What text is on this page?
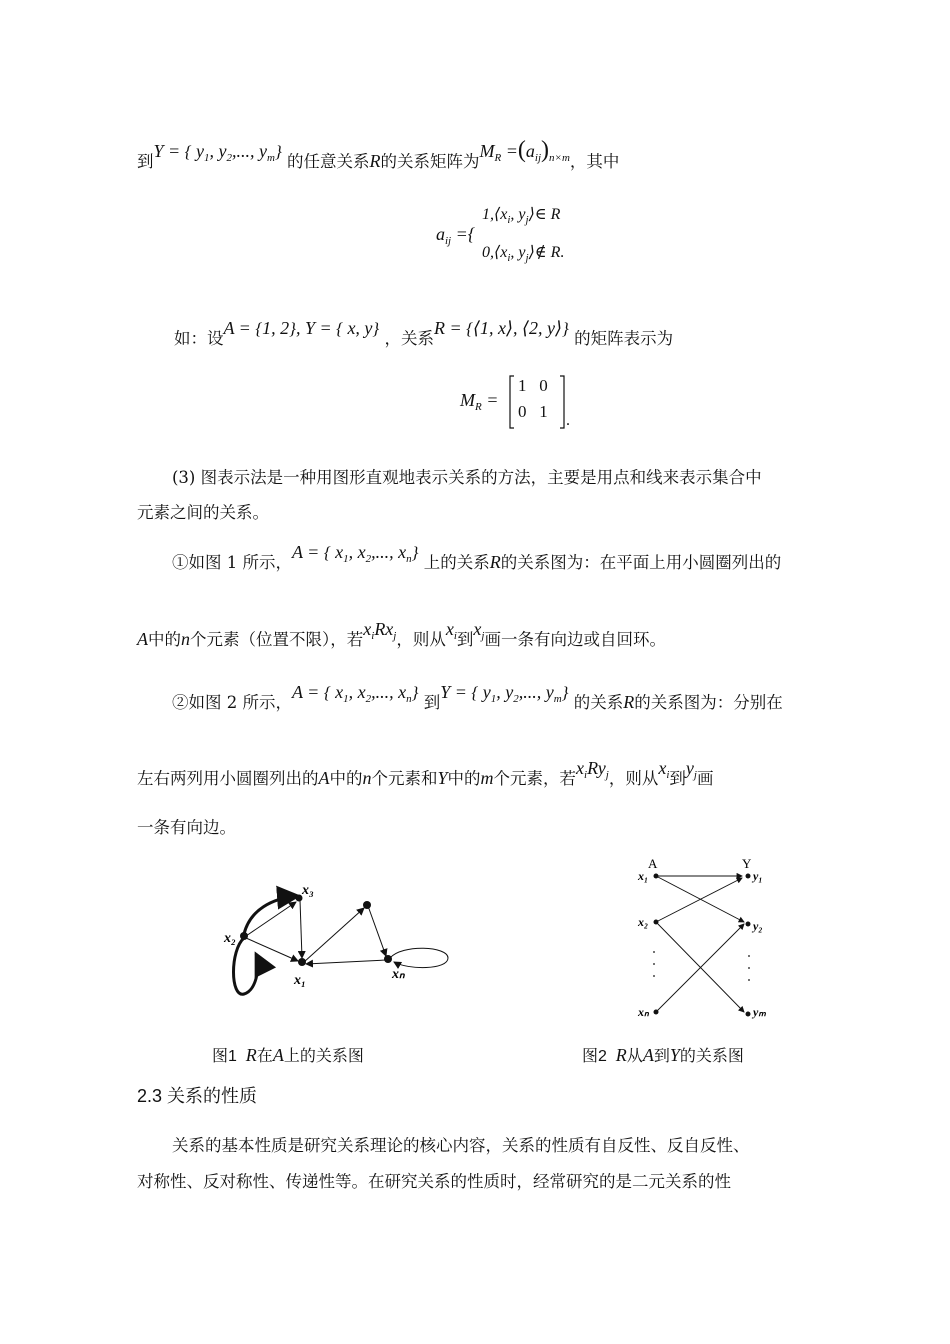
到Y = { $y_1$, $y_2$,..., $y_m$} 的任意关系R的关系矩阵为$M_R =(a_{ij})_{n\times m}$，其中
$a_{ij}$ ={
$1,⟨x_i$, $y_j⟩\in$ R
$0,⟨x_i$, $y_j⟩\notin$ R.
如：设A = {1, 2}, Y = { x, y} ，关系R = {⟨1, x⟩, ⟨2, y⟩} 的矩阵表示为
$M_R$ =
1   0
0   1 .
(3) 图表示法是一种用图形直观地表示关系的方法，主要是用点和线来表示集合中
元素之间的关系。
①如图 1 所示，A = { $x_1$, $x_2$,..., $x_n$} 上的关系R的关系图为：在平面上用小圆圈列出的
A中的n个元素（位置不限），若$x_iRx_j$，则从$x_i$到$x_j$画一条有向边或自回环。
②如图 2 所示，A = { $x_1$, $x_2$,..., $x_n$} 到Y = { $y_1$, $y_2$,..., $y_m$} 的关系R的关系图为：分别在
左右两列用小圆圈列出的A中的n个元素和Y中的m个元素，若$x_iRy_j$，则从$x_i$到$y_j$画
一条有向边。
x₃
x₂
x₁	xₙ
图1 R在A上的关系图
A	Y
x₁
x₂
xₙ
y₁
y₂
yₘ
图2 R从A到Y的关系图
2.3 关系的性质
关系的基本性质是研究关系理论的核心内容，关系的性质有自反性、反自反性、
对称性、反对称性、传递性等。在研究关系的性质时，经常研究的是二元关系的性
